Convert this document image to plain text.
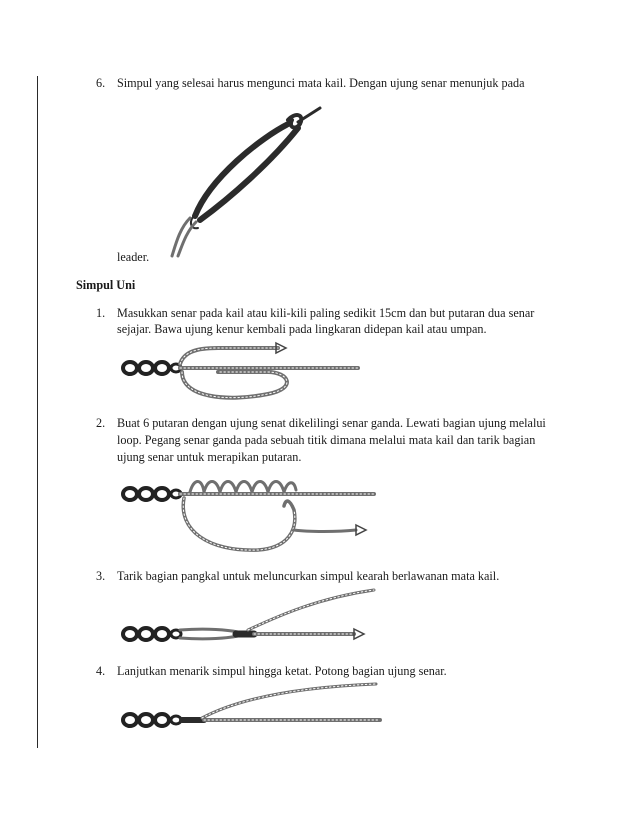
6. Simpul yang selesai harus mengunci mata kail. Dengan ujung senar menunjuk pada

leader.

Simpul Uni
1. Masukkan senar pada kail atau kili-kili paling sedikit 15cm dan but putaran dua senar

sejajar. Bawa ujung kenur kembali pada lingkaran didepan kail atau umpan.

2. Buat 6 putaran dengan ujung senat dikelilingi senar ganda. Lewati bagian ujung melalui

loop. Pegang senar ganda pada sebuah titik dimana melalui mata kail dan tarik bagian

ujung senar untuk merapikan putaran.

3. Tarik bagian pangkal untuk meluncurkan simpul kearah berlawanan mata kail.

4. Lanjutkan menarik simpul hingga ketat. Potong bagian ujung senar.
